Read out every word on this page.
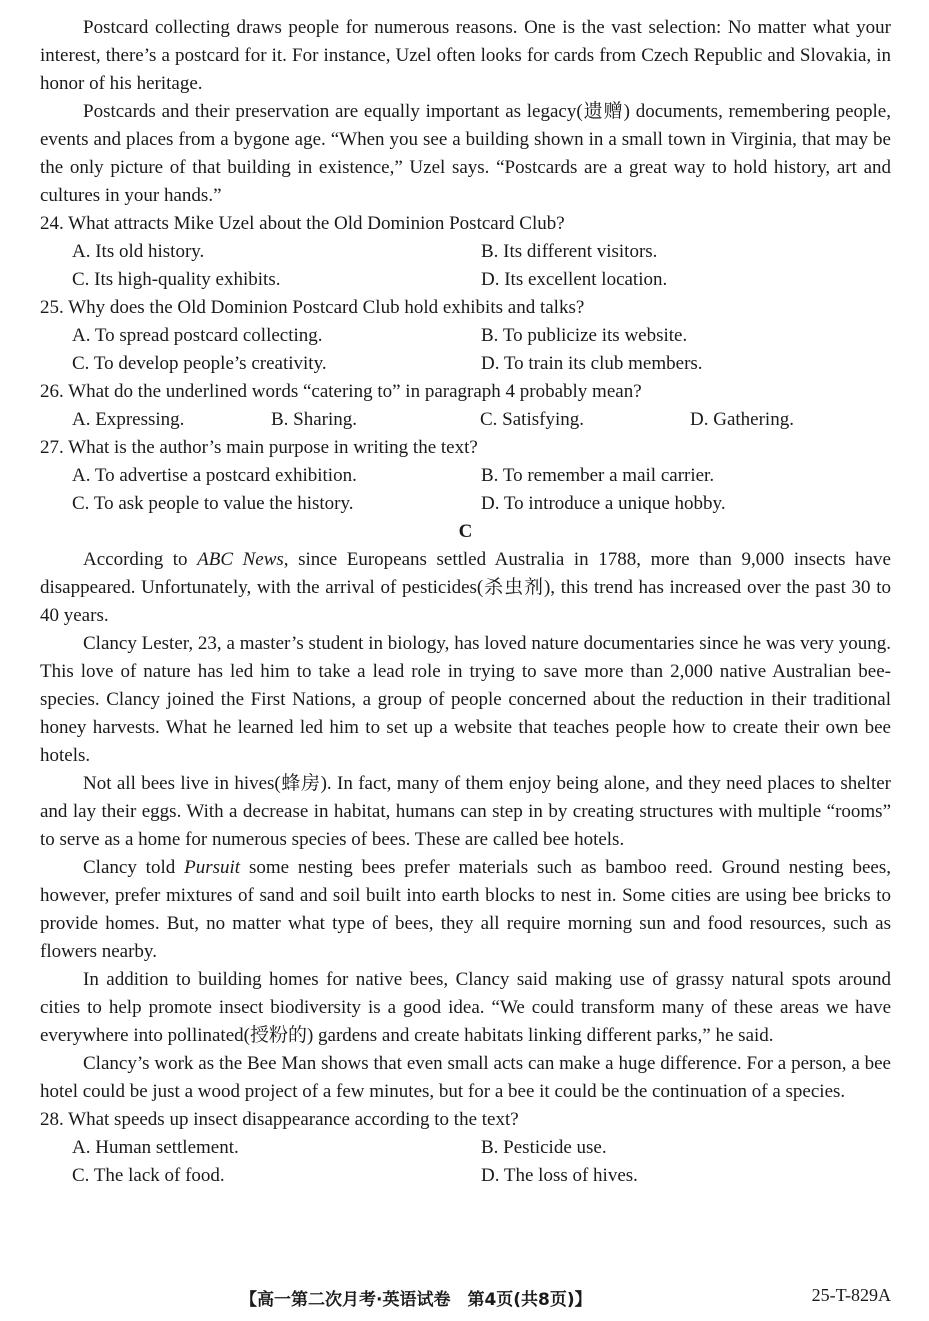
Postcard collecting draws people for numerous reasons. One is the vast selection: No matter what your interest, there’s a postcard for it. For instance, Uzel often looks for cards from Czech Republic and Slovakia, in honor of his heritage.

Postcards and their preservation are equally important as legacy(遗赠) documents, remembering people, events and places from a bygone age. “When you see a building shown in a small town in Virginia, that may be the only picture of that building in existence,” Uzel says. “Postcards are a great way to hold history, art and cultures in your hands.”

24. What attracts Mike Uzel about the Old Dominion Postcard Club?

A. Its old history.	B. Its different visitors.
C. Its high-quality exhibits.	D. Its excellent location.

25. Why does the Old Dominion Postcard Club hold exhibits and talks?

A. To spread postcard collecting.	B. To publicize its website.
C. To develop people’s creativity.	D. To train its club members.

26. What do the underlined words “catering to” in paragraph 4 probably mean?

A. Expressing.	B. Sharing.	C. Satisfying.	D. Gathering.

27. What is the author’s main purpose in writing the text?

A. To advertise a postcard exhibition.	B. To remember a mail carrier.
C. To ask people to value the history.	D. To introduce a unique hobby.

C

According to ABC News, since Europeans settled Australia in 1788, more than 9,000 insects have disappeared. Unfortunately, with the arrival of pesticides(杀虫剂), this trend has increased over the past 30 to 40 years.

Clancy Lester, 23, a master’s student in biology, has loved nature documentaries since he was very young. This love of nature has led him to take a lead role in trying to save more than 2,000 native Australian bee-species. Clancy joined the First Nations, a group of people concerned about the reduction in their traditional honey harvests. What he learned led him to set up a website that teaches people how to create their own bee hotels.

Not all bees live in hives(蜂房). In fact, many of them enjoy being alone, and they need places to shelter and lay their eggs. With a decrease in habitat, humans can step in by creating structures with multiple “rooms” to serve as a home for numerous species of bees. These are called bee hotels.

Clancy told Pursuit some nesting bees prefer materials such as bamboo reed. Ground nesting bees, however, prefer mixtures of sand and soil built into earth blocks to nest in. Some cities are using bee bricks to provide homes. But, no matter what type of bees, they all require morning sun and food resources, such as flowers nearby.

In addition to building homes for native bees, Clancy said making use of grassy natural spots around cities to help promote insect biodiversity is a good idea. “We could transform many of these areas we have everywhere into pollinated(授粉的) gardens and create habitats linking different parks,” he said.

Clancy’s work as the Bee Man shows that even small acts can make a huge difference. For a person, a bee hotel could be just a wood project of a few minutes, but for a bee it could be the continuation of a species.

28. What speeds up insect disappearance according to the text?

A. Human settlement.	B. Pesticide use.
C. The lack of food.	D. The loss of hives.
【高一第二次月考·英语试卷　第4页(共8页)】	25-T-829A
